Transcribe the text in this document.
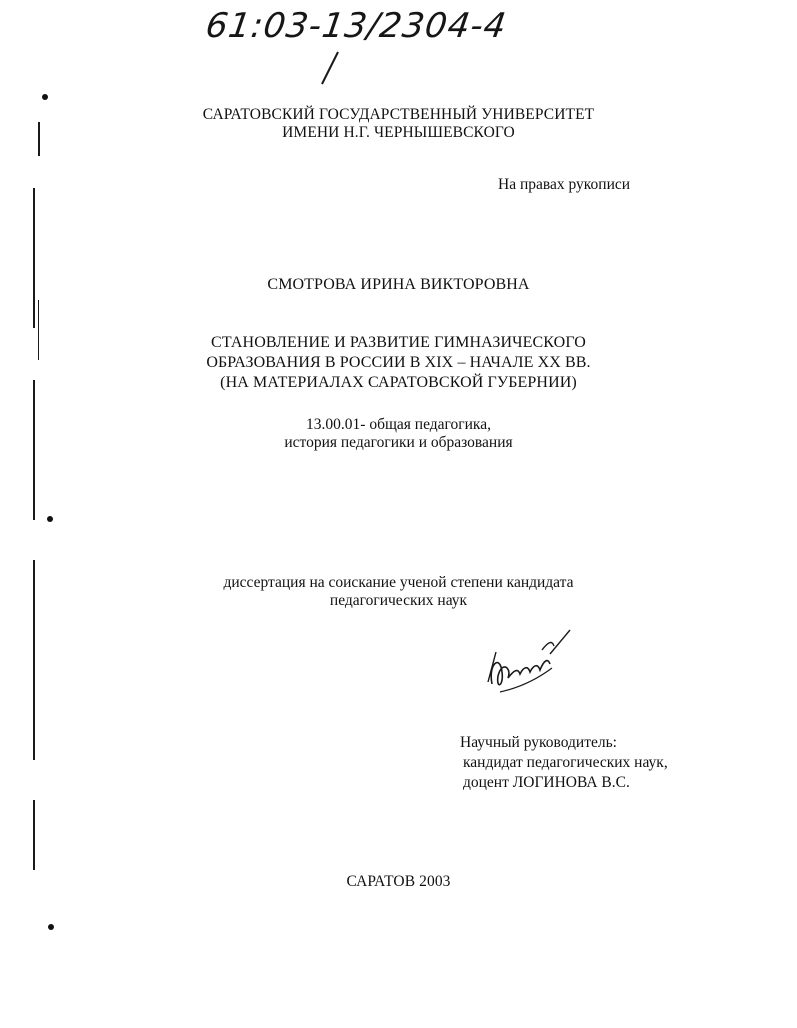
61:03-13/2304-4
САРАТОВСКИЙ ГОСУДАРСТВЕННЫЙ УНИВЕРСИТЕТ
ИМЕНИ Н.Г. ЧЕРНЫШЕВСКОГО
На правах рукописи
СМОТРОВА ИРИНА ВИКТОРОВНА
СТАНОВЛЕНИЕ И РАЗВИТИЕ ГИМНАЗИЧЕСКОГО
ОБРАЗОВАНИЯ В РОССИИ В XIX – НАЧАЛЕ XX ВВ.
(НА МАТЕРИАЛАХ САРАТОВСКОЙ ГУБЕРНИИ)
13.00.01- общая педагогика,
история педагогики и образования
диссертация на соискание ученой степени кандидата
педагогических наук
Научный руководитель:
кандидат педагогических наук,
доцент ЛОГИНОВА В.С.
САРАТОВ 2003
